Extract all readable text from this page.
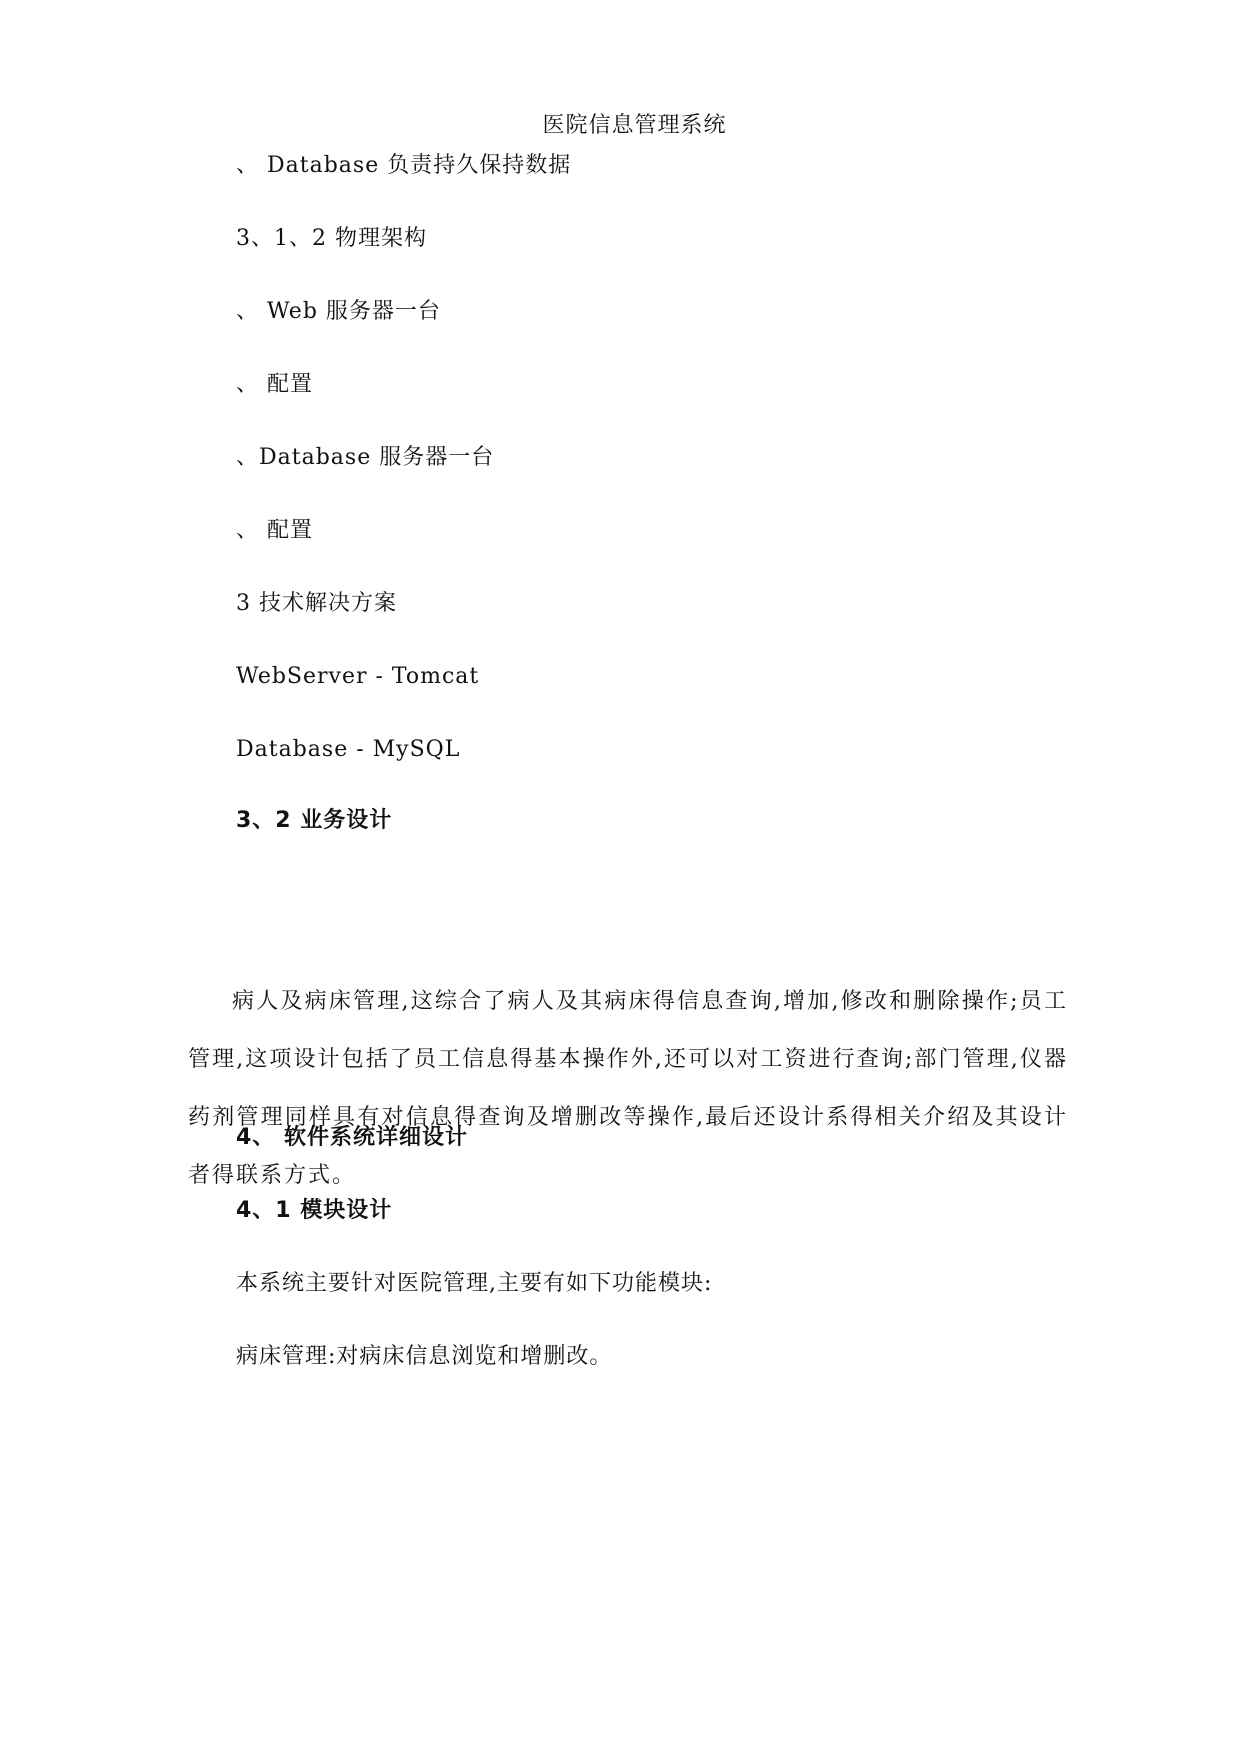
医院信息管理系统
、 Database 负责持久保持数据
3、1、2 物理架构
、 Web 服务器一台
、 配置
、Database 服务器一台
、 配置
3 技术解决方案
WebServer - Tomcat
Database - MySQL
3、2 业务设计
病人及病床管理,这综合了病人及其病床得信息查询,增加,修改和删除操作;员工管理,这项设计包括了员工信息得基本操作外,还可以对工资进行查询;部门管理,仪器药剂管理同样具有对信息得查询及增删改等操作,最后还设计系得相关介绍及其设计者得联系方式。
4、 软件系统详细设计
4、1 模块设计
本系统主要针对医院管理,主要有如下功能模块:
病床管理:对病床信息浏览和增删改。
